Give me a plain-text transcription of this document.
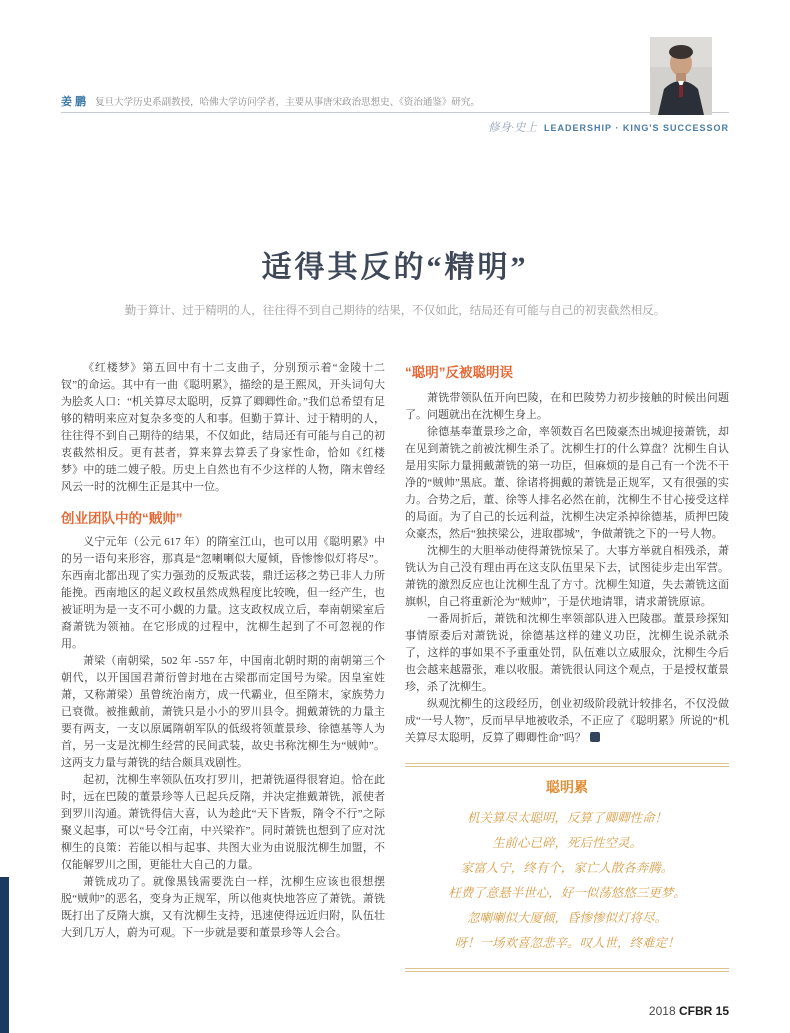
姜 鹏 复旦大学历史系副教授，哈佛大学访问学者，主要从事唐宋政治思想史、《资治通鉴》研究。
修身·史上 LEADERSHIP · KING'S SUCCESSOR
适得其反的“精明”

勤于算计、过于精明的人，往往得不到自己期待的结果，不仅如此，结局还有可能与自己的初衷截然相反。

《红楼梦》第五回中有十二支曲子，分别预示着“金陵十二钗”的命运。其中有一曲《聪明累》，描绘的是王熙凤，开头词句大为脍炙人口：“机关算尽太聪明，反算了卿卿性命。”我们总希望有足够的精明来应对复杂多变的人和事。但勤于算计、过于精明的人，往往得不到自己期待的结果，不仅如此，结局还有可能与自己的初衷截然相反。更有甚者，算来算去算丢了身家性命，恰如《红楼梦》中的琏二嫂子般。历史上自然也有不少这样的人物，隋末曾经风云一时的沈柳生正是其中一位。

创业团队中的“贼帅”

义宁元年（公元 617 年）的隋室江山，也可以用《聪明累》中的另一语句来形容，那真是“忽喇喇似大厦倾，昏惨惨似灯将尽”。东西南北都出现了实力强劲的反叛武装，鼎迁运移之势已非人力所能挽。西南地区的起义政权虽然成熟程度比较晚，但一经产生，也被证明为是一支不可小觑的力量。这支政权成立后，奉南朝梁室后裔萧铣为领袖。在它形成的过程中，沈柳生起到了不可忽视的作用。

萧梁（南朝梁，502 年 -557 年，中国南北朝时期的南朝第三个朝代，以开国国君萧衍曾封地在古梁郡而定国号为梁。因皇室姓萧，又称萧梁）虽曾统治南方，成一代霸业，但至隋末，家族势力已衰微。被推戴前，萧铣只是小小的罗川县令。拥戴萧铣的力量主要有两支，一支以原属隋朝军队的低级将领董景珍、徐德基等人为首，另一支是沈柳生经营的民间武装，故史书称沈柳生为“贼帅”。这两支力量与萧铣的结合颇具戏剧性。

起初，沈柳生率领队伍攻打罗川，把萧铣逼得很窘迫。恰在此时，远在巴陵的董景珍等人已起兵反隋，并决定推戴萧铣，派使者到罗川沟通。萧铣得信大喜，认为趁此“天下皆叛，隋令不行”之际聚义起事，可以“号令江南，中兴梁祚”。同时萧铣也想到了应对沈柳生的良策：若能以相与起事、共图大业为由说服沈柳生加盟，不仅能解罗川之围，更能壮大自己的力量。

萧铣成功了。就像黑钱需要洗白一样，沈柳生应该也很想摆脱“贼帅”的恶名，变身为正规军，所以他爽快地答应了萧铣。萧铣既打出了反隋大旗，又有沈柳生支持，迅速使得远近归附，队伍壮大到几万人，蔚为可观。下一步就是要和董景珍等人会合。

“聪明”反被聪明误

萧铣带领队伍开向巴陵，在和巴陵势力初步接触的时候出问题了。问题就出在沈柳生身上。

徐德基奉董景珍之命，率领数百名巴陵豪杰出城迎接萧铣，却在见到萧铣之前被沈柳生杀了。沈柳生打的什么算盘？沈柳生自认是用实际力量拥戴萧铣的第一功臣，但麻烦的是自己有一个洗不干净的“贼帅”黑底。董、徐诸将拥戴的萧铣是正规军，又有很强的实力。合势之后，董、徐等人排名必然在前，沈柳生不甘心接受这样的局面。为了自己的长远利益，沈柳生决定杀掉徐德基，质押巴陵众豪杰，然后“独挟梁公，进取郡城”，争做萧铣之下的一号人物。

沈柳生的大胆举动使得萧铣惊呆了。大事方举就自相残杀，萧铣认为自己没有理由再在这支队伍里呆下去，试图徒步走出军营。萧铣的激烈反应也让沈柳生乱了方寸。沈柳生知道，失去萧铣这面旗帜，自己将重新沦为“贼帅”，于是伏地请罪，请求萧铣原谅。

一番周折后，萧铣和沈柳生率领部队进入巴陵郡。董景珍探知事情原委后对萧铣说，徐德基这样的建义功臣，沈柳生说杀就杀了，这样的事如果不予重重处罚，队伍难以立威服众，沈柳生今后也会越来越嚣张，难以收服。萧铣很认同这个观点，于是授权董景珍，杀了沈柳生。

纵观沈柳生的这段经历，创业初级阶段就计较排名，不仅没做成“一号人物”，反而早早地被收杀，不正应了《聪明累》所说的“机关算尽太聪明，反算了卿卿性命”吗？

聪明累
机关算尽太聪明，反算了卿卿性命！
生前心已碎，死后性空灵。
家富人宁，终有个，家亡人散各奔腾。
枉费了意悬半世心，好一似荡悠悠三更梦。
忽喇喇似大厦倾，昏惨惨似灯将尽。
呀！一场欢喜忽悲辛。叹人世，终难定！
2018 CFBR 15
